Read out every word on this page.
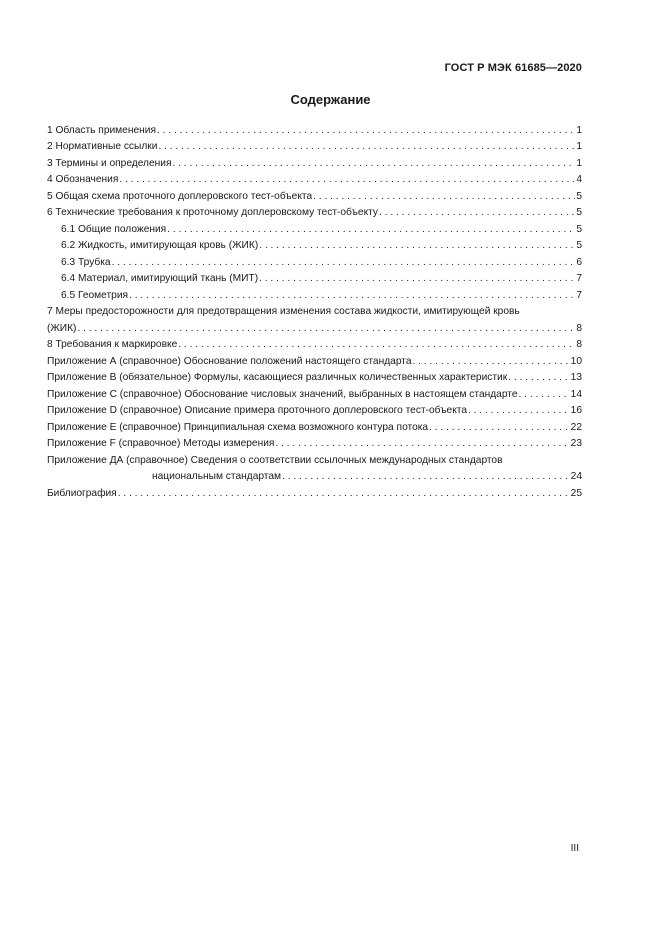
ГОСТ Р МЭК 61685—2020
Содержание
1 Область применения . . .	1
2 Нормативные ссылки . . .	1
3 Термины и определения . . .	1
4 Обозначения . . .	4
5 Общая схема проточного доплеровского тест-объекта . . .	5
6 Технические требования к проточному доплеровскому тест-объекту . . .	5
6.1 Общие положения . . .	5
6.2 Жидкость, имитирующая кровь (ЖИК) . . .	5
6.3 Трубка . . .	6
6.4 Материал, имитирующий ткань (МИТ) . . .	7
6.5 Геометрия . . .	7
7 Меры предосторожности для предотвращения изменения состава жидкости, имитирующей кровь
(ЖИК) . . .	8
8 Требования к маркировке . . .	8
Приложение А (справочное) Обоснование положений настоящего стандарта . . .	10
Приложение В (обязательное) Формулы, касающиеся различных количественных характеристик . . .	13
Приложение С (справочное) Обоснование числовых значений, выбранных в настоящем стандарте . . .	14
Приложение D (справочное) Описание примера проточного доплеровского тест-объекта . . .	16
Приложение Е (справочное) Принципиальная схема возможного контура потока . . .	22
Приложение F (справочное) Методы измерения . . .	23
Приложение ДА (справочное) Сведения о соответствии ссылочных международных стандартов
национальным стандартам . . .	24
Библиография . . .	25
III
